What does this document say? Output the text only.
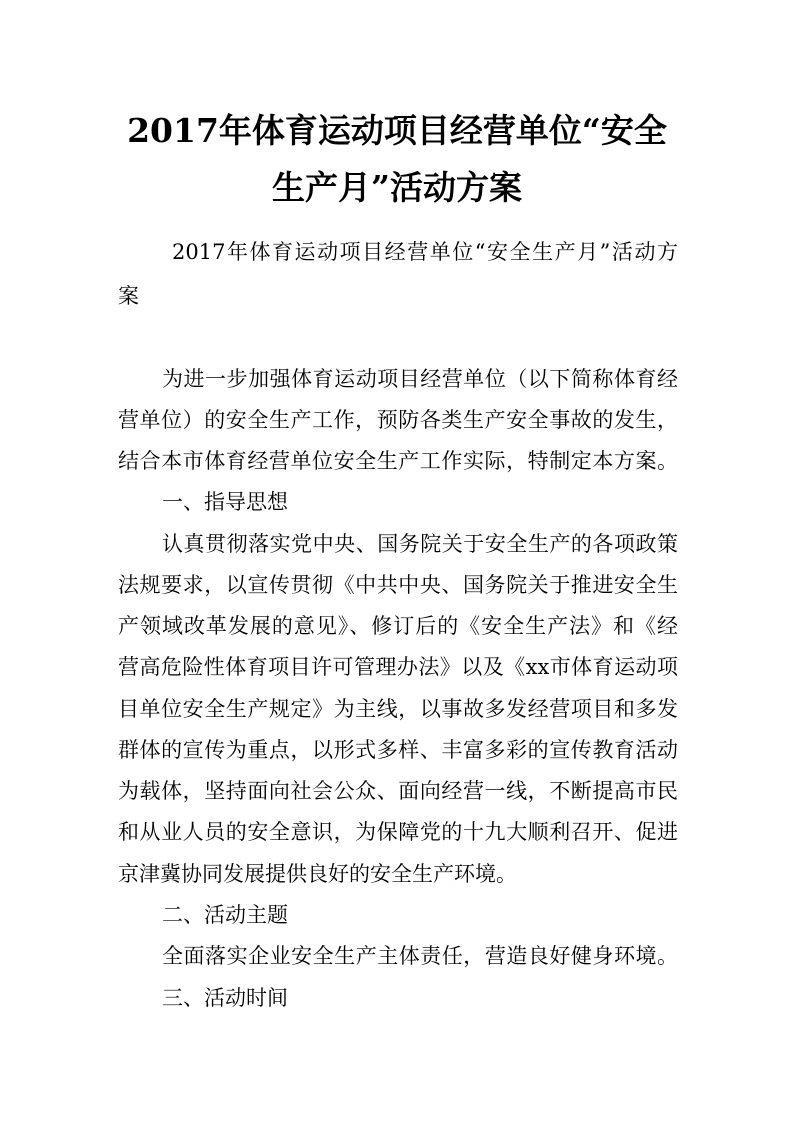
2017年体育运动项目经营单位“安全
生产月”活动方案
2017年体育运动项目经营单位“安全生产月”活动方
案
为进一步加强体育运动项目经营单位（以下简称体育经
营单位）的安全生产工作，预防各类生产安全事故的发生，
结合本市体育经营单位安全生产工作实际，特制定本方案。
一、指导思想
认真贯彻落实党中央、国务院关于安全生产的各项政策
法规要求，以宣传贯彻《中共中央、国务院关于推进安全生
产领域改革发展的意见》、修订后的《安全生产法》和《经
营高危险性体育项目许可管理办法》以及《xx市体育运动项
目单位安全生产规定》为主线，以事故多发经营项目和多发
群体的宣传为重点，以形式多样、丰富多彩的宣传教育活动
为载体，坚持面向社会公众、面向经营一线，不断提高市民
和从业人员的安全意识，为保障党的十九大顺利召开、促进
京津冀协同发展提供良好的安全生产环境。
二、活动主题
全面落实企业安全生产主体责任，营造良好健身环境。
三、活动时间
